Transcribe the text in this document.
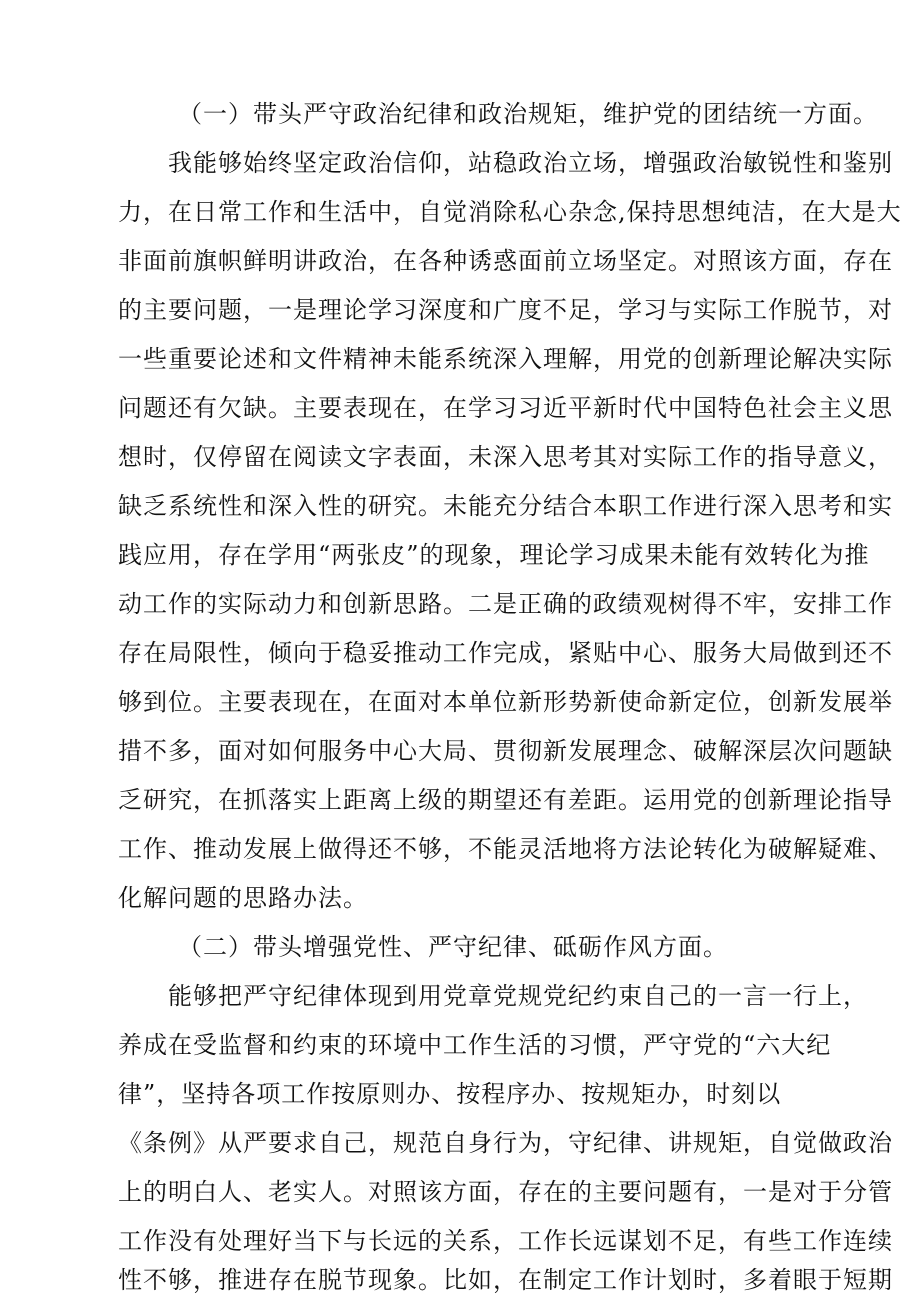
（一）带头严守政治纪律和政治规矩，维护党的团结统一方面。
我能够始终坚定政治信仰，站稳政治立场，增强政治敏锐性和鉴别
力，在日常工作和生活中，自觉消除私心杂念,保持思想纯洁，在大是大
非面前旗帜鲜明讲政治，在各种诱惑面前立场坚定。对照该方面，存在
的主要问题，一是理论学习深度和广度不足，学习与实际工作脱节，对
一些重要论述和文件精神未能系统深入理解，用党的创新理论解决实际
问题还有欠缺。主要表现在，在学习习近平新时代中国特色社会主义思
想时，仅停留在阅读文字表面，未深入思考其对实际工作的指导意义，
缺乏系统性和深入性的研究。未能充分结合本职工作进行深入思考和实
践应用，存在学用“两张皮”的现象，理论学习成果未能有效转化为推
动工作的实际动力和创新思路。二是正确的政绩观树得不牢，安排工作
存在局限性，倾向于稳妥推动工作完成，紧贴中心、服务大局做到还不
够到位。主要表现在，在面对本单位新形势新使命新定位，创新发展举
措不多，面对如何服务中心大局、贯彻新发展理念、破解深层次问题缺
乏研究，在抓落实上距离上级的期望还有差距。运用党的创新理论指导
工作、推动发展上做得还不够，不能灵活地将方法论转化为破解疑难、
化解问题的思路办法。
（二）带头增强党性、严守纪律、砥砺作风方面。
能够把严守纪律体现到用党章党规党纪约束自己的一言一行上，
养成在受监督和约束的环境中工作生活的习惯，严守党的“六大纪
律”，坚持各项工作按原则办、按程序办、按规矩办，时刻以
《条例》从严要求自己，规范自身行为，守纪律、讲规矩，自觉做政治
上的明白人、老实人。对照该方面，存在的主要问题有，一是对于分管
工作没有处理好当下与长远的关系，工作长远谋划不足，有些工作连续
性不够，推进存在脱节现象。比如，在制定工作计划时，多着眼于短期
